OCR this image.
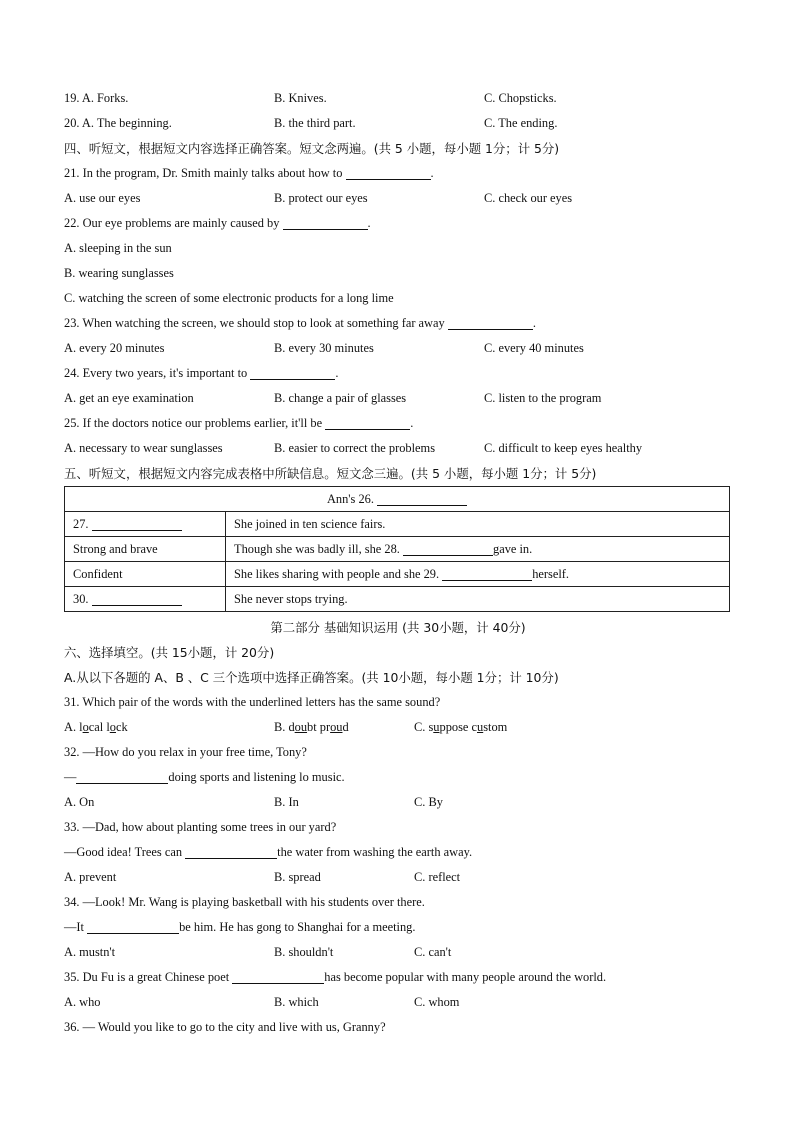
19. A. Forks.	B. Knives.	C. Chopsticks.
20. A. The beginning.	B. the third part.	C. The ending.
四、听短文，根据短文内容选择正确答案。短文念两遍。(共 5 小题，每小题 1分；计 5分)
21. In the program, Dr. Smith mainly talks about how to	.
A. use our eyes	B. protect our eyes	C. check our eyes
22. Our eye problems are mainly caused by	.
A. sleeping in the sun
B. wearing sunglasses
C. watching the screen of some electronic products for a long lime
23. When watching the screen, we should stop to look at something far away	.
A. every 20 minutes	B. every 30 minutes	C. every 40 minutes
24. Every two years, it's important to	.
A. get an eye examination	B. change a pair of glasses	C. listen to the program
25. If the doctors notice our problems earlier, it'll be	.
A. necessary to wear sunglasses	B. easier to correct the problems	C. difficult to keep eyes healthy
五、听短文，根据短文内容完成表格中所缺信息。短文念三遍。(共 5 小题，每小题 1分；计 5分)
Ann's 26.	
27.	She joined in ten science fairs.
Strong and brave	Though she was badly ill, she 28. gave in.
Confident	She likes sharing with people and she 29. herself.
30.	She never stops trying.
第二部分 基础知识运用 (共 30小题，计 40分)
六、选择填空。(共 15小题，计 20分)
A.从以下各题的 A、B 、C 三个选项中选择正确答案。(共 10小题，每小题 1分；计 10分)
31. Which pair of the words with the underlined letters has the same sound?
A. local lock	B. doubt proud	C. suppose custom
32. —How do you relax in your free time, Tony?
—	doing sports and listening lo music.
A. On	B. In	C. By
33. —Dad, how about planting some trees in our yard?
—Good idea! Trees can	the water from washing the earth away.
A. prevent	B. spread	C. reflect
34. —Look! Mr. Wang is playing basketball with his students over there.
—It	be him. He has gong to Shanghai for a meeting.
A. mustn't	B. shouldn't	C. can't
35. Du Fu is a great Chinese poet	has become popular with many people around the world.
A. who	B. which	C. whom
36. — Would you like to go to the city and live with us, Granny?
